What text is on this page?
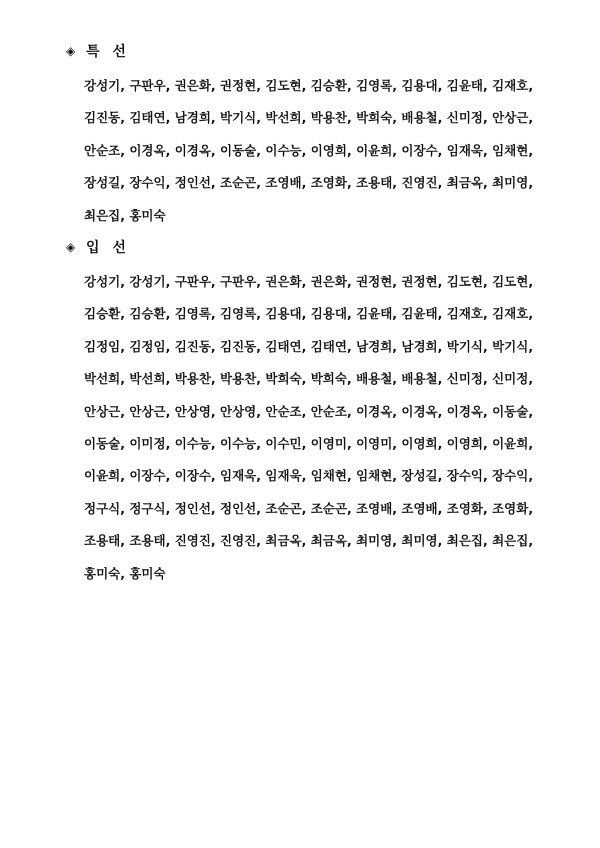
◈ 특 선

강성기, 구판우, 권은화, 권정현, 김도현, 김승환, 김영록, 김용대, 김윤태, 김재호, 김진동, 김태연, 남경희, 박기식, 박선희, 박용찬, 박희숙, 배용철, 신미정, 안상근, 안순조, 이경옥, 이경옥, 이동술, 이수능, 이영희, 이윤희, 이장수, 임재욱, 임채현, 장성길, 장수익, 정인선, 조순곤, 조영배, 조영화, 조용태, 진영진, 최금옥, 최미영, 최은집, 홍미숙

◈ 입 선

강성기, 강성기, 구판우, 구판우, 권은화, 권은화, 권정현, 권정현, 김도현, 김도현, 김승환, 김승환, 김영록, 김영록, 김용대, 김용대, 김윤태, 김윤태, 김재호, 김재호, 김정임, 김정임, 김진동, 김진동, 김태연, 김태연, 남경희, 남경희, 박기식, 박기식, 박선희, 박선희, 박용찬, 박용찬, 박희숙, 박희숙, 배용철, 배용철, 신미정, 신미정, 안상근, 안상근, 안상영, 안상영, 안순조, 안순조, 이경옥, 이경옥, 이경옥, 이동술, 이동술, 이미정, 이수능, 이수능, 이수민, 이영미, 이영미, 이영희, 이영희, 이윤희, 이윤희, 이장수, 이장수, 임재욱, 임재욱, 임채현, 임채현, 장성길, 장수익, 장수익, 정구식, 정구식, 정인선, 정인선, 조순곤, 조순곤, 조영배, 조영배, 조영화, 조영화, 조용태, 조용태, 진영진, 진영진, 최금옥, 최금옥, 최미영, 최미영, 최은집, 최은집, 홍미숙, 홍미숙
